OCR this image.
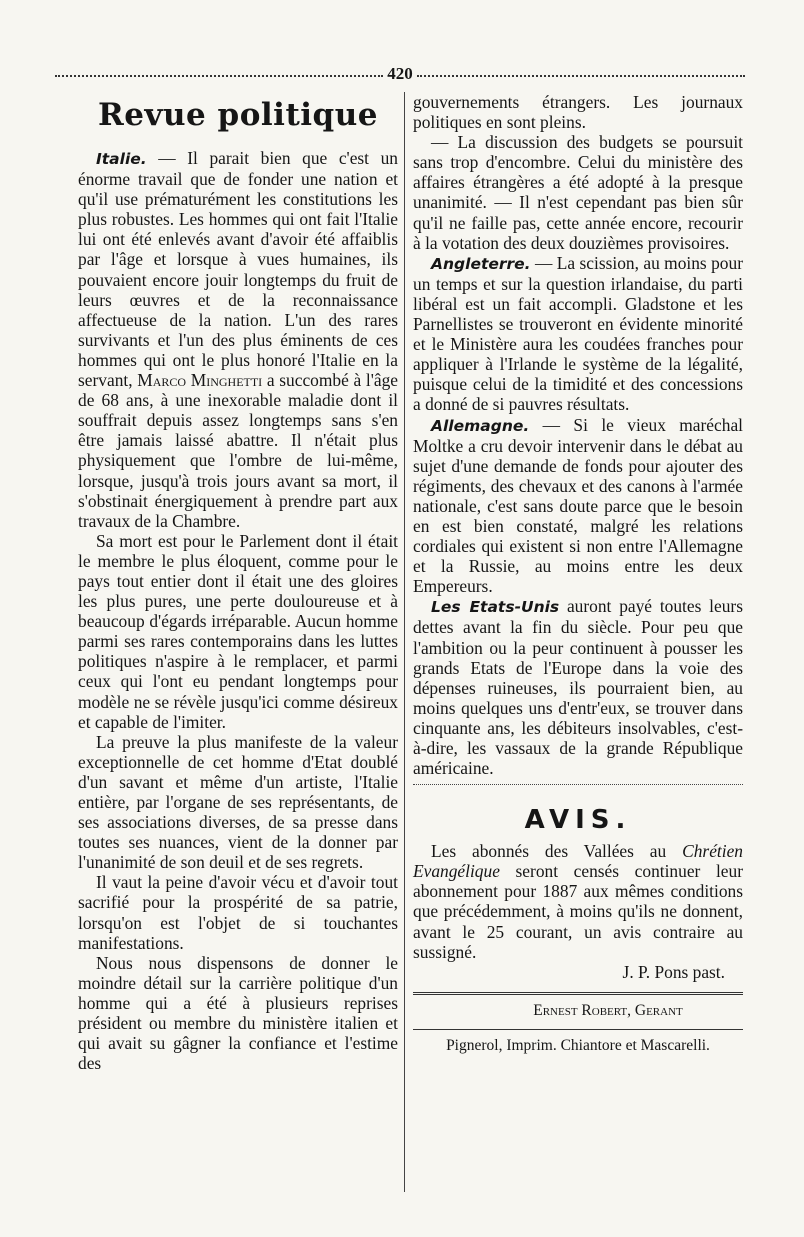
420
Revue politique

Italie. — Il parait bien que c'est un énorme travail que de fonder une nation et qu'il use prématurément les constitutions les plus robustes. Les hommes qui ont fait l'Italie lui ont été enlevés avant d'avoir été affaiblis par l'âge et lorsque à vues humaines, ils pouvaient encore jouir longtemps du fruit de leurs œuvres et de la reconnaissance affectueuse de la nation. L'un des rares survivants et l'un des plus éminents de ces hommes qui ont le plus honoré l'Italie en la servant, Marco Minghetti a succombé à l'âge de 68 ans, à une inexorable maladie dont il souffrait depuis assez longtemps sans s'en être jamais laissé abattre. Il n'était plus physiquement que l'ombre de lui-même, lorsque, jusqu'à trois jours avant sa mort, il s'obstinait énergiquement à prendre part aux travaux de la Chambre.

Sa mort est pour le Parlement dont il était le membre le plus éloquent, comme pour le pays tout entier dont il était une des gloires les plus pures, une perte douloureuse et à beaucoup d'égards irréparable. Aucun homme parmi ses rares contemporains dans les luttes politiques n'aspire à le remplacer, et parmi ceux qui l'ont eu pendant longtemps pour modèle ne se révèle jusqu'ici comme désireux et capable de l'imiter.

La preuve la plus manifeste de la valeur exceptionnelle de cet homme d'Etat doublé d'un savant et même d'un artiste, l'Italie entière, par l'organe de ses représentants, de ses associations diverses, de sa presse dans toutes ses nuances, vient de la donner par l'unanimité de son deuil et de ses regrets.

Il vaut la peine d'avoir vécu et d'avoir tout sacrifié pour la prospérité de sa patrie, lorsqu'on est l'objet de si touchantes manifestations.

Nous nous dispensons de donner le moindre détail sur la carrière politique d'un homme qui a été à plusieurs reprises président ou membre du ministère italien et qui avait su gâgner la confiance et l'estime des

gouvernements étrangers. Les journaux politiques en sont pleins.

— La discussion des budgets se poursuit sans trop d'encombre. Celui du ministère des affaires étrangères a été adopté à la presque unanimité. — Il n'est cependant pas bien sûr qu'il ne faille pas, cette année encore, recourir à la votation des deux douzièmes provisoires.

Angleterre. — La scission, au moins pour un temps et sur la question irlandaise, du parti libéral est un fait accompli. Gladstone et les Parnellistes se trouveront en évidente minorité et le Ministère aura les coudées franches pour appliquer à l'Irlande le système de la légalité, puisque celui de la timidité et des concessions a donné de si pauvres résultats.

Allemagne. — Si le vieux maréchal Moltke a cru devoir intervenir dans le débat au sujet d'une demande de fonds pour ajouter des régiments, des chevaux et des canons à l'armée nationale, c'est sans doute parce que le besoin en est bien constaté, malgré les relations cordiales qui existent si non entre l'Allemagne et la Russie, au moins entre les deux Empereurs.

Les Etats-Unis auront payé toutes leurs dettes avant la fin du siècle. Pour peu que l'ambition ou la peur continuent à pousser les grands Etats de l'Europe dans la voie des dépenses ruineuses, ils pourraient bien, au moins quelques uns d'entr'eux, se trouver dans cinquante ans, les débiteurs insolvables, c'est-à-dire, les vassaux de la grande République américaine.

AVIS.

Les abonnés des Vallées au Chrétien Evangélique seront censés continuer leur abonnement pour 1887 aux mêmes conditions que précédemment, à moins qu'ils ne donnent, avant le 25 courant, un avis contraire au sussigné.

J. P. Pons past.
Ernest Robert, Gerant
Pignerol, Imprim. Chiantore et Mascarelli.
